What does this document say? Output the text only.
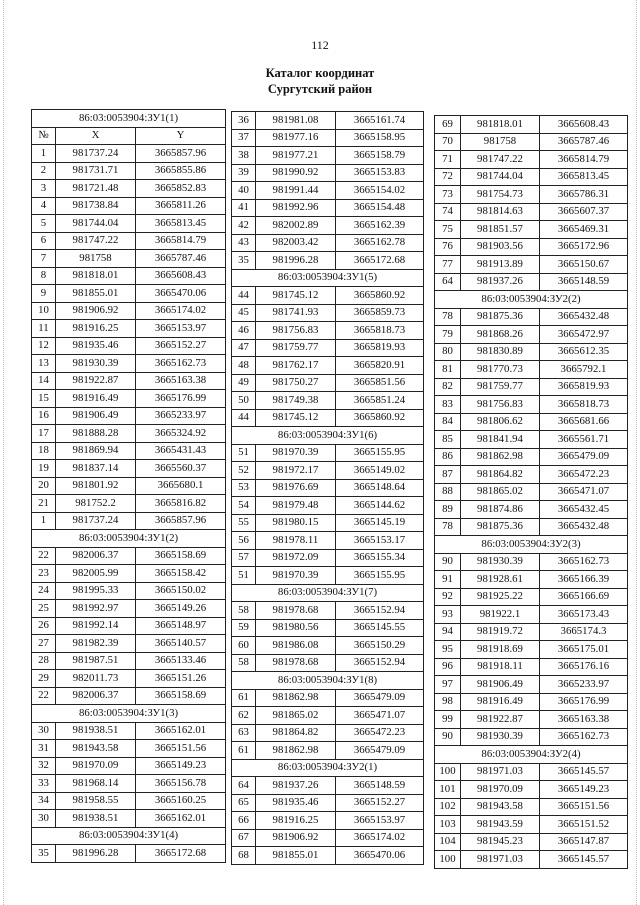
112
Каталог координат
Сургутский район
86:03:0053904:ЗУ1(1)		
№	X	Y
1	981737.24	3665857.96
2	981731.71	3665855.86
3	981721.48	3665852.83
4	981738.84	3665811.26
5	981744.04	3665813.45
6	981747.22	3665814.79
7	981758	3665787.46
8	981818.01	3665608.43
9	981855.01	3665470.06
10	981906.92	3665174.02
11	981916.25	3665153.97
12	981935.46	3665152.27
13	981930.39	3665162.73
14	981922.87	3665163.38
15	981916.49	3665176.99
16	981906.49	3665233.97
17	981888.28	3665324.92
18	981869.94	3665431.43
19	981837.14	3665560.37
20	981801.92	3665680.1
21	981752.2	3665816.82
1	981737.24	3665857.96
86:03:0053904:ЗУ1(2)		
22	982006.37	3665158.69
23	982005.99	3665158.42
24	981995.33	3665150.02
25	981992.97	3665149.26
26	981992.14	3665148.97
27	981982.39	3665140.57
28	981987.51	3665133.46
29	982011.73	3665151.26
22	982006.37	3665158.69
86:03:0053904:ЗУ1(3)		
30	981938.51	3665162.01
31	981943.58	3665151.56
32	981970.09	3665149.23
33	981968.14	3665156.78
34	981958.55	3665160.25
30	981938.51	3665162.01
86:03:0053904:ЗУ1(4)		
35	981996.28	3665172.68
36	981981.08	3665161.74
37	981977.16	3665158.95
38	981977.21	3665158.79
39	981990.92	3665153.83
40	981991.44	3665154.02
41	981992.96	3665154.48
42	982002.89	3665162.39
43	982003.42	3665162.78
35	981996.28	3665172.68
86:03:0053904:ЗУ1(5)		
44	981745.12	3665860.92
45	981741.93	3665859.73
46	981756.83	3665818.73
47	981759.77	3665819.93
48	981762.17	3665820.91
49	981750.27	3665851.56
50	981749.38	3665851.24
44	981745.12	3665860.92
86:03:0053904:ЗУ1(6)		
51	981970.39	3665155.95
52	981972.17	3665149.02
53	981976.69	3665148.64
54	981979.48	3665144.62
55	981980.15	3665145.19
56	981978.11	3665153.17
57	981972.09	3665155.34
51	981970.39	3665155.95
86:03:0053904:ЗУ1(7)		
58	981978.68	3665152.94
59	981980.56	3665145.55
60	981986.08	3665150.29
58	981978.68	3665152.94
86:03:0053904:ЗУ1(8)		
61	981862.98	3665479.09
62	981865.02	3665471.07
63	981864.82	3665472.23
61	981862.98	3665479.09
86:03:0053904:ЗУ2(1)		
64	981937.26	3665148.59
65	981935.46	3665152.27
66	981916.25	3665153.97
67	981906.92	3665174.02
68	981855.01	3665470.06
69	981818.01	3665608.43
70	981758	3665787.46
71	981747.22	3665814.79
72	981744.04	3665813.45
73	981754.73	3665786.31
74	981814.63	3665607.37
75	981851.57	3665469.31
76	981903.56	3665172.96
77	981913.89	3665150.67
64	981937.26	3665148.59
86:03:0053904:ЗУ2(2)		
78	981875.36	3665432.48
79	981868.26	3665472.97
80	981830.89	3665612.35
81	981770.73	3665792.1
82	981759.77	3665819.93
83	981756.83	3665818.73
84	981806.62	3665681.66
85	981841.94	3665561.71
86	981862.98	3665479.09
87	981864.82	3665472.23
88	981865.02	3665471.07
89	981874.86	3665432.45
78	981875.36	3665432.48
86:03:0053904:ЗУ2(3)		
90	981930.39	3665162.73
91	981928.61	3665166.39
92	981925.22	3665166.69
93	981922.1	3665173.43
94	981919.72	3665174.3
95	981918.69	3665175.01
96	981918.11	3665176.16
97	981906.49	3665233.97
98	981916.49	3665176.99
99	981922.87	3665163.38
90	981930.39	3665162.73
86:03:0053904:ЗУ2(4)		
100	981971.03	3665145.57
101	981970.09	3665149.23
102	981943.58	3665151.56
103	981943.59	3665151.52
104	981945.23	3665147.87
100	981971.03	3665145.57
